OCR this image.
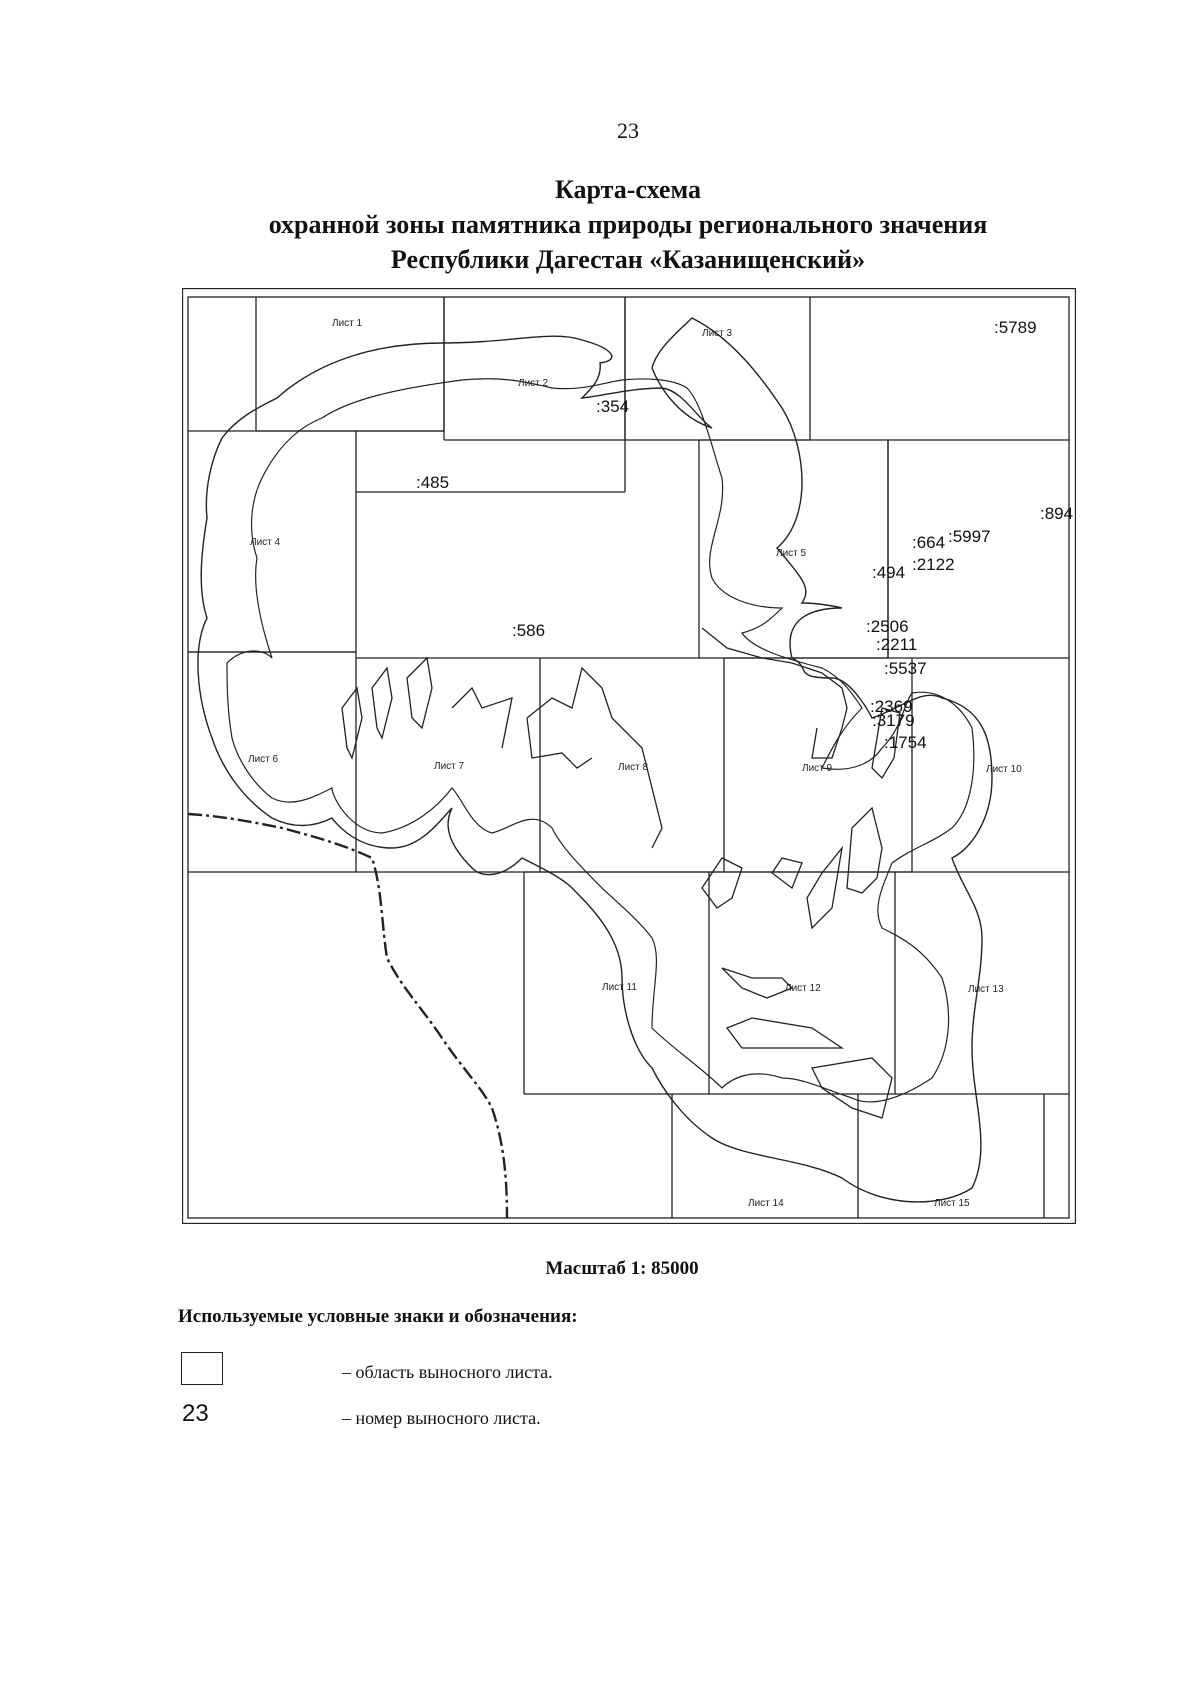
23
Карта-схема
охранной зоны памятника природы регионального значения
Республики Дагестан «Казанищенский»
Лист 1
Лист 2
Лист 3
Лист 4
Лист 5
Лист 6
Лист 7	Лист 8	Лист 9	Лист 10
Лист 11	Лист 12	Лист 13
Лист 14	Лист 15
:5789
:354
:485
:894
:664 :5997
:2122
:494
:586	:2506
:2211
:5537
:2369
:3179
:1754
Масштаб 1: 85000
Используемые условные знаки и обозначения:
– область выносного листа.
23	– номер выносного листа.
